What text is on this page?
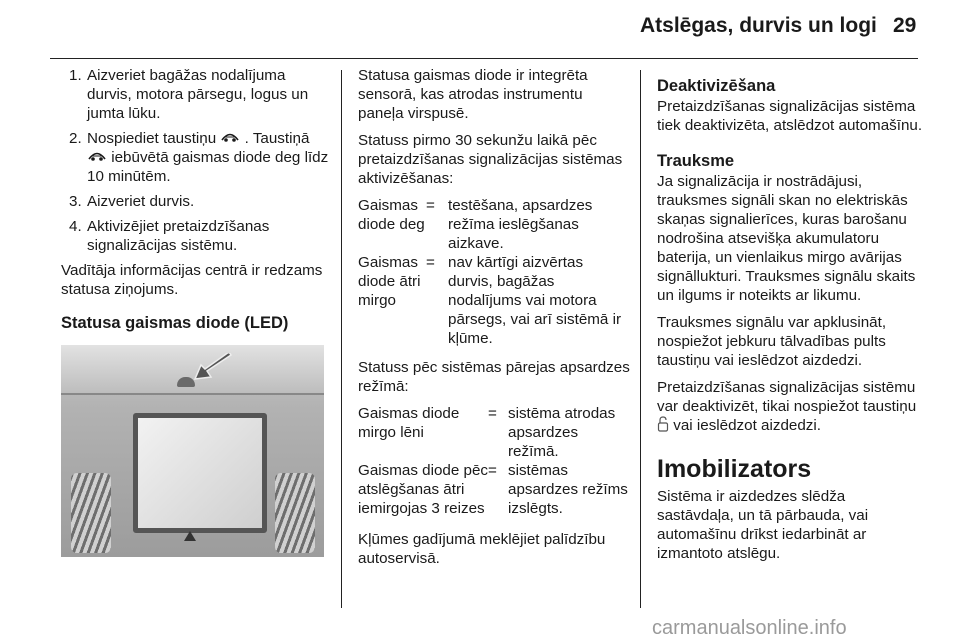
Atslēgas, durvis un logi 29
1. Aizveriet bagāžas nodalījuma durvis, motora pārsegu, logus un jumta lūku.
2. Nospiediet taustiņu . Taustiņā  iebūvētā gaismas diode deg līdz 10 minūtēm.
3. Aizveriet durvis.
4. Aktivizējiet pretaizdzīšanas signalizācijas sistēmu.

Vadītāja informācijas centrā ir redzams statusa ziņojums.

Statusa gaismas diode (LED)

Statusa gaismas diode ir integrēta sensorā, kas atrodas instrumentu paneļa virspusē.

Statuss pirmo 30 sekunžu laikā pēc pretaizdzīšanas signalizācijas sistēmas aktivizēšanas:

Gaismas diode deg
= testēšana, apsardzes režīma ieslēgšanas aizkave.
Gaismas diode ātri mirgo
= nav kārtīgi aizvērtas durvis, bagāžas nodalījums vai motora pārsegs, vai arī sistēmā ir kļūme.

Statuss pēc sistēmas pārejas apsardzes režīmā:

Gaismas diode mirgo lēni
= sistēma atrodas apsardzes režīmā.
Gaismas diode pēc atslēgšanas ātri iemirgojas 3 reizes
= sistēmas apsardzes režīms izslēgts.

Kļūmes gadījumā meklējiet palīdzību autoservisā.

Deaktivizēšana

Pretaizdzīšanas signalizācijas sistēma tiek deaktivizēta, atslēdzot automašīnu.

Trauksme

Ja signalizācija ir nostrādājusi, trauksmes signāli skan no elektriskās skaņas signalierīces, kuras barošanu nodrošina atsevišķa akumulatoru baterija, un vienlaikus mirgo avārijas signāllukturi. Trauksmes signālu skaits un ilgums ir noteikts ar likumu.

Trauksmes signālu var apklusināt, nospiežot jebkuru tālvadības pults taustiņu vai ieslēdzot aizdedzi.

Pretaizdzīšanas signalizācijas sistēmu var deaktivizēt, tikai nospiežot taustiņu  vai ieslēdzot aizdedzi.

Imobilizators

Sistēma ir aizdedzes slēdža sastāvdaļa, un tā pārbauda, vai automašīnu drīkst iedarbināt ar izmantoto atslēgu.

carmanualsonline.info
